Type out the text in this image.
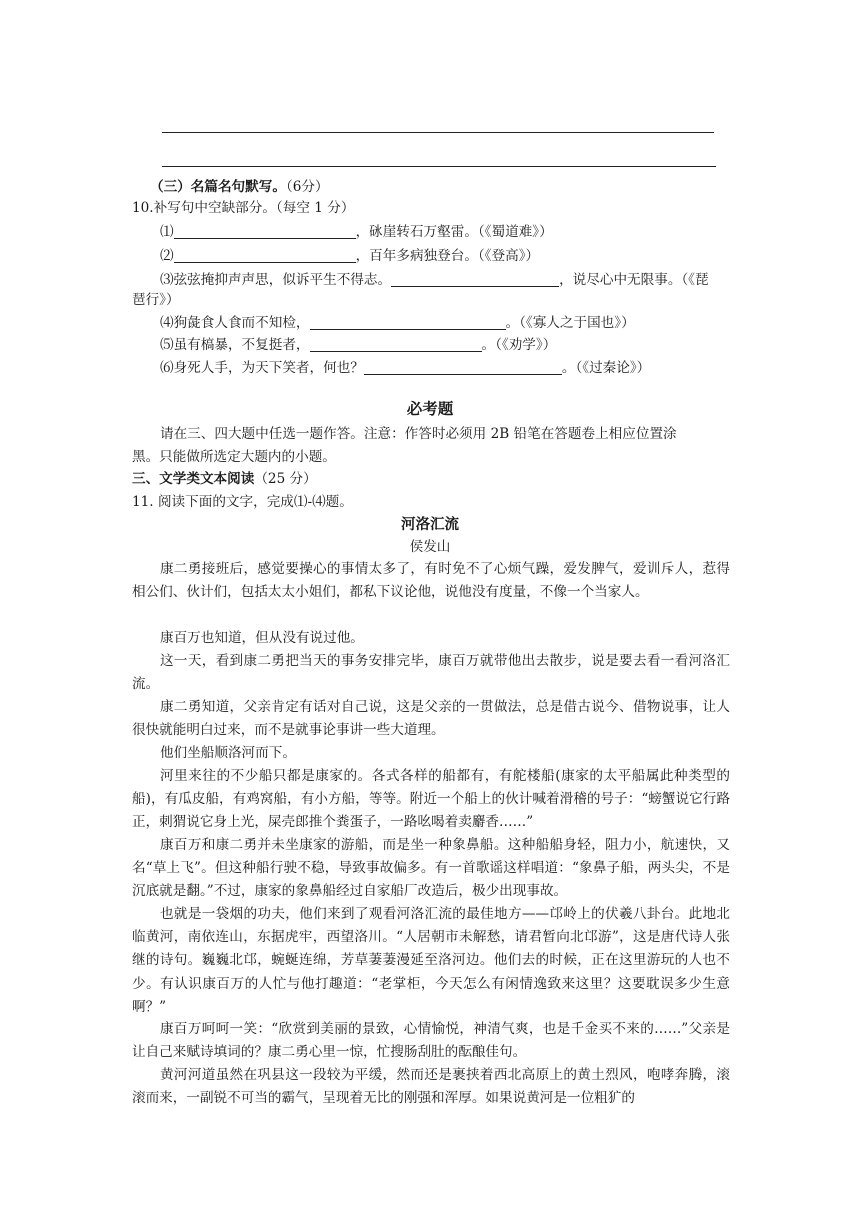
（三）名篇名句默写。（6分）
10.补写句中空缺部分。（每空 1 分）
⑴	，砯崖转石万壑雷。（《蜀道难》）
⑵	，百年多病独登台。（《登高》）
⑶弦弦掩抑声声思，似诉平生不得志。	，说尽心中无限事。（《琵
琶行》）
⑷狗彘食人食而不知检，	。（《寡人之于国也》）
⑸虽有槁暴，不复挺者，	。（《劝学》）
⑹身死人手，为天下笑者，何也？	。（《过秦论》）
必考题
请在三、四大题中任选一题作答。注意：作答时必须用 2B 铅笔在答题卷上相应位置涂
黑。只能做所选定大题内的小题。
三、文学类文本阅读（25 分）
11. 阅读下面的文字，完成⑴-⑷题。
河洛汇流
侯发山
康二勇接班后，感觉要操心的事情太多了，有时免不了心烦气躁，爱发脾气，爱训斥人，惹得相公们、伙计们，包括太太小姐们，都私下议论他，说他没有度量，不像一个当家人。
康百万也知道，但从没有说过他。
这一天，看到康二勇把当天的事务安排完毕，康百万就带他出去散步，说是要去看一看河洛汇流。
康二勇知道，父亲肯定有话对自己说，这是父亲的一贯做法，总是借古说今、借物说事，让人很快就能明白过来，而不是就事论事讲一些大道理。
他们坐船顺洛河而下。
河里来往的不少船只都是康家的。各式各样的船都有，有舵楼船(康家的太平船属此种类型的船)，有瓜皮船，有鸡窝船，有小方船，等等。附近一个船上的伙计喊着滑稽的号子：“螃蟹说它行路正，刺猬说它身上光，屎壳郎推个粪蛋子，一路吆喝着卖麝香……”
康百万和康二勇并未坐康家的游船，而是坐一种象鼻船。这种船船身轻，阻力小，航速快，又名“草上飞”。但这种船行驶不稳，导致事故偏多。有一首歌谣这样唱道：“象鼻子船，两头尖，不是沉底就是翻。”不过，康家的象鼻船经过自家船厂改造后，极少出现事故。
也就是一袋烟的功夫，他们来到了观看河洛汇流的最佳地方——邙岭上的伏羲八卦台。此地北临黄河，南依连山，东据虎牢，西望洛川。“人居朝市未解愁，请君暂向北邙游”，这是唐代诗人张继的诗句。巍巍北邙，蜿蜒连绵，芳草萋萋漫延至洛河边。他们去的时候，正在这里游玩的人也不少。有认识康百万的人忙与他打趣道：“老掌柜，今天怎么有闲情逸致来这里？这要耽误多少生意啊？”
康百万呵呵一笑：“欣赏到美丽的景致，心情愉悦，神清气爽，也是千金买不来的……”父亲是让自己来赋诗填词的？康二勇心里一惊，忙搜肠刮肚的酝酿佳句。
黄河河道虽然在巩县这一段较为平缓，然而还是裹挟着西北高原上的黄土烈风，咆哮奔腾，滚滚而来，一副锐不可当的霸气，呈现着无比的刚强和浑厚。如果说黄河是一位粗犷的
